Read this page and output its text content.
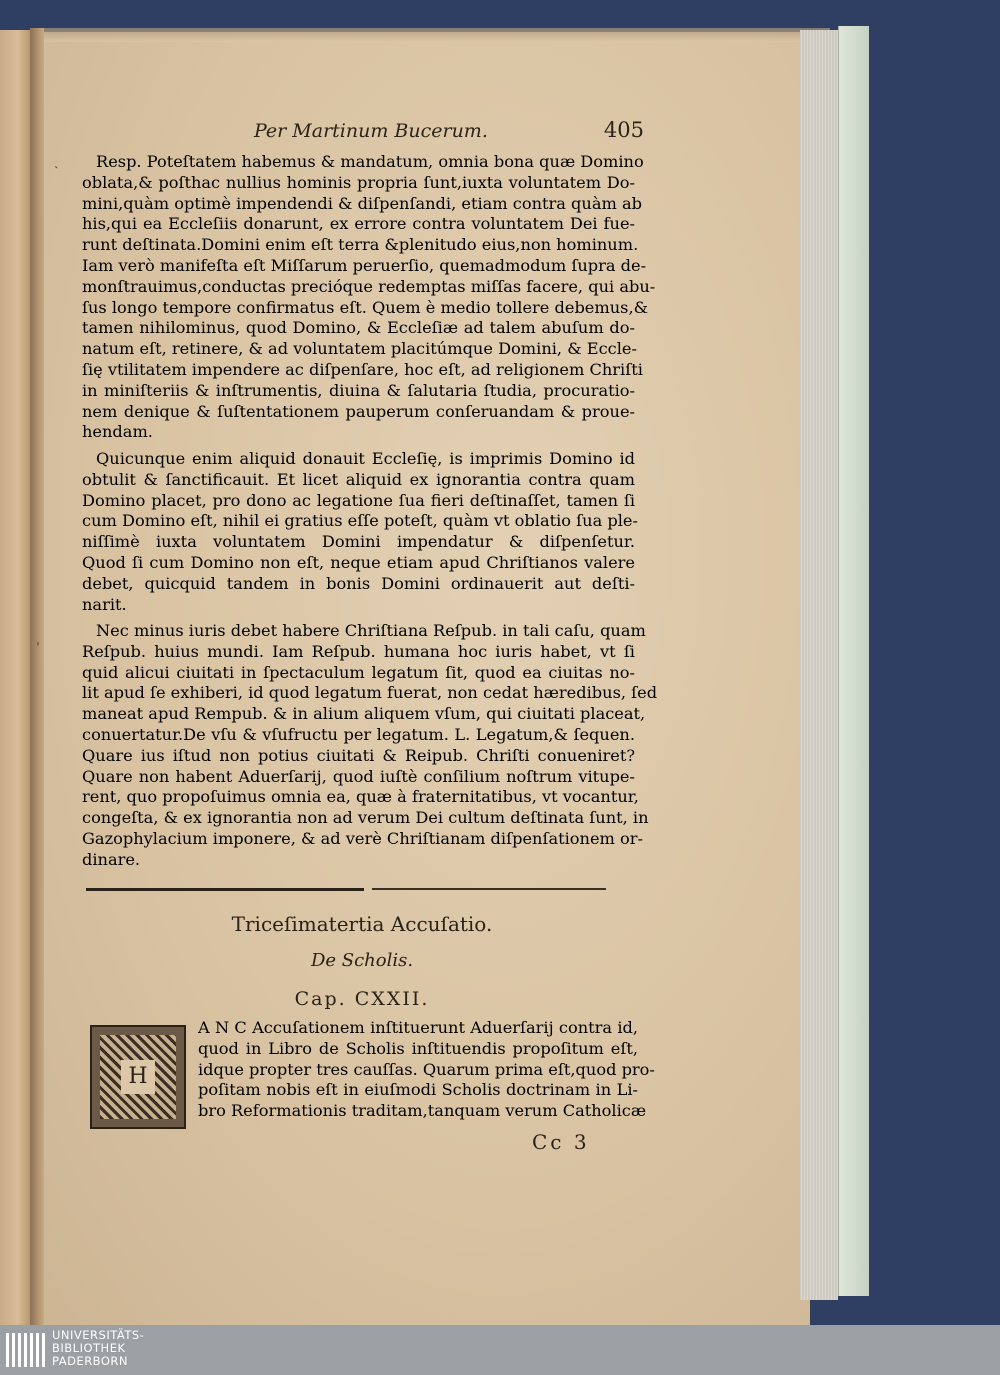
Per Martinum Bucerum.	405
Resp. Poteſtatem habemus & mandatum, omnia bona quæ Domino
oblata,& poſthac nullius hominis propria ſunt,iuxta voluntatem Do-
mini,quàm optimè impendendi & diſpenſandi, etiam contra quàm ab
his,qui ea Eccleſiis donarunt, ex errore contra voluntatem Dei fue-
runt deſtinata.Domini enim eſt terra &plenitudo eius,non hominum.
Iam verò manifeſta eſt Miſſarum peruerſio, quemadmodum ſupra de-
monſtrauimus,conductas precióque redemptas miſſas facere, qui abu-
ſus longo tempore confirmatus eſt. Quem è medio tollere debemus,&
tamen nihilominus, quod Domino, & Eccleſiæ ad talem abuſum do-
natum eſt, retinere, & ad voluntatem placitúmque Domini, & Eccle-
ſię vtilitatem impendere ac diſpenſare, hoc eſt, ad religionem Chriſti
in miniſteriis & inſtrumentis, diuina & ſalutaria ſtudia, procuratio-
nem denique & ſuſtentationem pauperum conſeruandam & proue-
hendam.
Quicunque enim aliquid donauit Eccleſię, is imprimis Domino id
obtulit & ſanctificauit. Et licet aliquid ex ignorantia contra quam
Domino placet, pro dono ac legatione ſua fieri deſtinaſſet, tamen ſi
cum Domino eſt, nihil ei gratius eſſe poteſt, quàm vt oblatio ſua ple-
niſſimè iuxta voluntatem Domini impendatur & diſpenſetur.
Quod ſi cum Domino non eſt, neque etiam apud Chriſtianos valere
debet, quicquid tandem in bonis Domini ordinauerit aut deſti-
narit.
Nec minus iuris debet habere Chriſtiana Reſpub. in tali caſu, quam
Reſpub. huius mundi. Iam Reſpub. humana hoc iuris habet, vt ſi
quid alicui ciuitati in ſpectaculum legatum ſit, quod ea ciuitas no-
lit apud ſe exhiberi, id quod legatum fuerat, non cedat hæredibus, ſed
maneat apud Rempub. & in alium aliquem vſum, qui ciuitati placeat,
conuertatur.De vſu & vſufructu per legatum. L. Legatum,& ſequen.
Quare ius iſtud non potius ciuitati & Reipub. Chriſti conueniret?
Quare non habent Aduerſarij, quod iuſtè conſilium noſtrum vitupe-
rent, quo propoſuimus omnia ea, quæ à fraternitatibus, vt vocantur,
congeſta, & ex ignorantia non ad verum Dei cultum deſtinata ſunt, in
Gazophylacium imponere, & ad verè Chriſtianam diſpenſationem or-
dinare.
Triceſimatertia Accuſatio.
De Scholis.
Cap. CXXII.
H
A N C Accuſationem inſtituerunt Aduerſarij contra id,
quod in Libro de Scholis inſtituendis propoſitum eſt,
idque propter tres cauſſas. Quarum prima eſt,quod pro-
poſitam nobis eſt in eiuſmodi Scholis doctrinam in Li-
bro Reformationis traditam,tanquam verum Catholicæ
Cc 3
˴
ˌ
UNIVERSITÄTS-
BIBLIOTHEK
PADERBORN
